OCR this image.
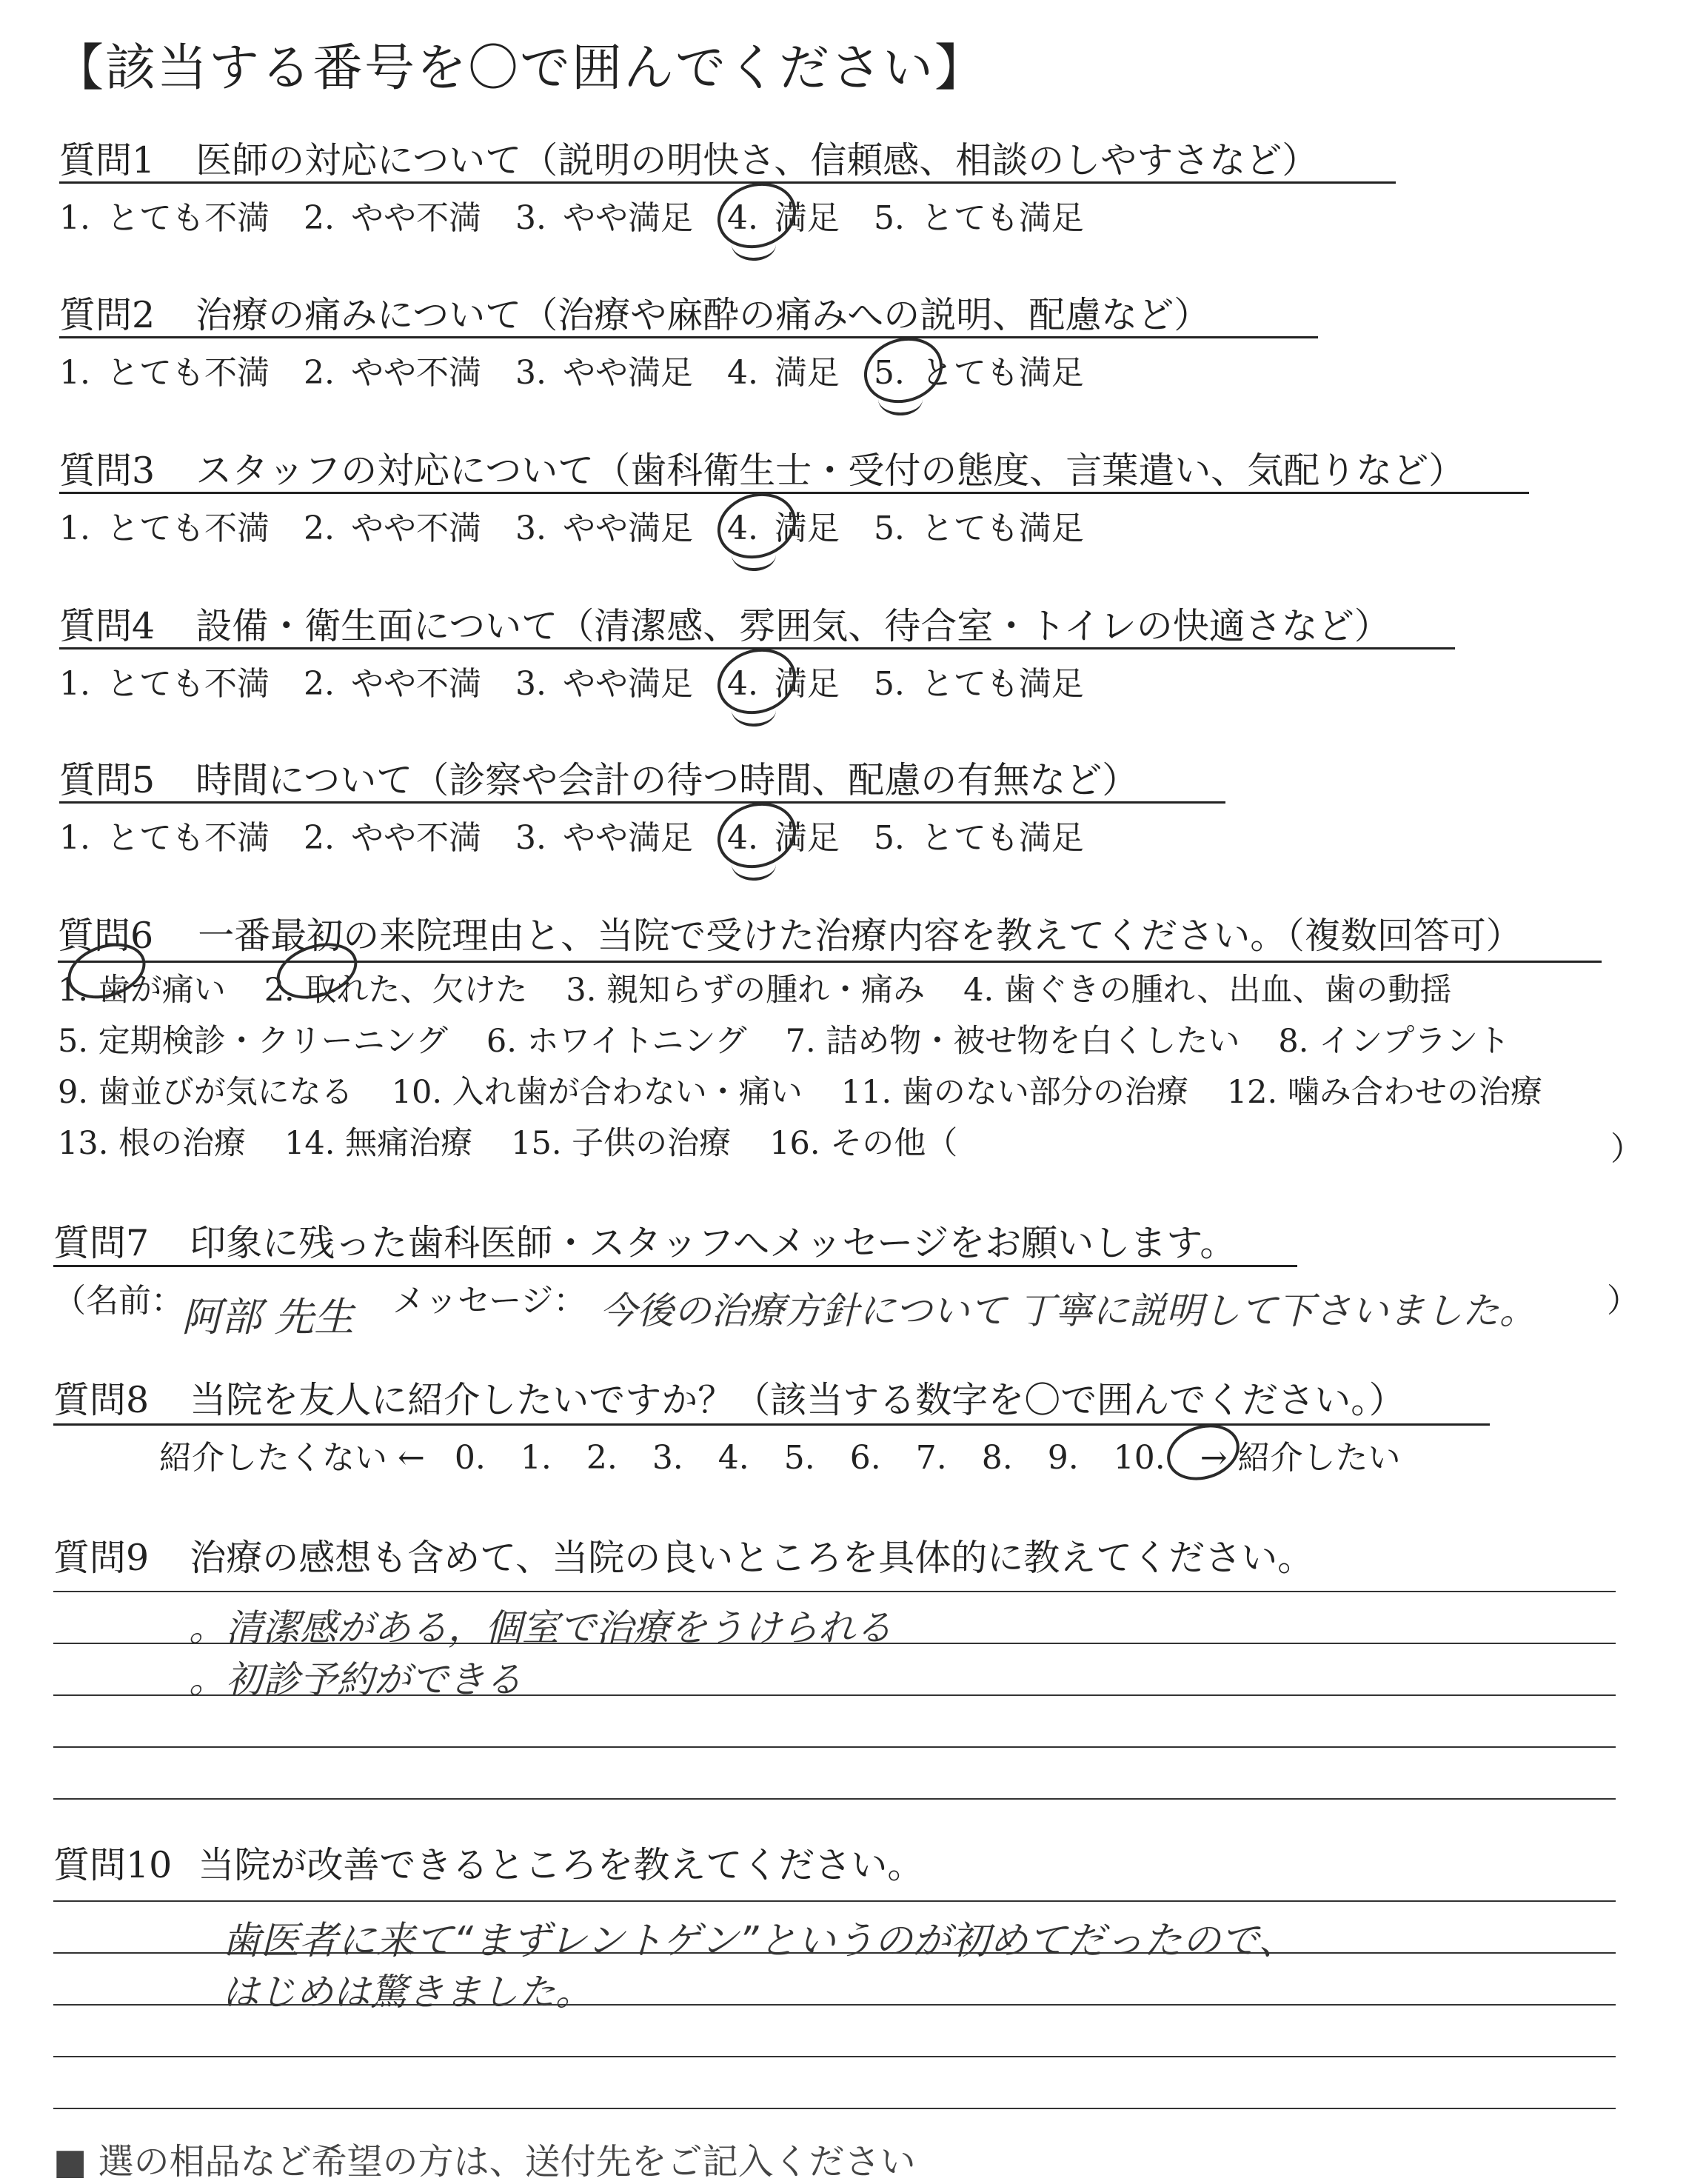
【該当する番号を〇で囲んでください】
質問1 医師の対応について（説明の明快さ、信頼感、相談のしやすさなど）
1. とても不満 2. やや不満 3. やや満足 4. 満足 5. とても満足
質問2 治療の痛みについて（治療や麻酔の痛みへの説明、配慮など）
1. とても不満 2. やや不満 3. やや満足 4. 満足 5. とても満足
質問3 スタッフの対応について（歯科衛生士・受付の態度、言葉遣い、気配りなど）
1. とても不満 2. やや不満 3. やや満足 4. 満足 5. とても満足
質問4 設備・衛生面について（清潔感、雰囲気、待合室・トイレの快適さなど）
1. とても不満 2. やや不満 3. やや満足 4. 満足 5. とても満足
質問5 時間について（診察や会計の待つ時間、配慮の有無など）
1. とても不満 2. やや不満 3. やや満足 4. 満足 5. とても満足
質問6 一番最初の来院理由と、当院で受けた治療内容を教えてください。（複数回答可）
1. 歯が痛い 2. 取れた、欠けた 3. 親知らずの腫れ・痛み 4. 歯ぐきの腫れ、出血、歯の動揺
5. 定期検診・クリーニング 6. ホワイトニング 7. 詰め物・被せ物を白くしたい 8. インプラント
9. 歯並びが気になる 10. 入れ歯が合わない・痛い 11. 歯のない部分の治療 12. 噛み合わせの治療
13. 根の治療 14. 無痛治療 15. 子供の治療 16. その他（	）
質問7 印象に残った歯科医師・スタッフへメッセージをお願いします。
（名前：
阿部 先生 メッセージ： 今後の治療方針について 丁寧に説明して下さいました。 ）
質問8 当院を友人に紹介したいですか？（該当する数字を〇で囲んでください。）
紹介したくない ← 0. 1. 2. 3. 4. 5. 6. 7. 8. 9. 10. → 紹介したい
質問9 治療の感想も含めて、当院の良いところを具体的に教えてください。
。清潔感がある，個室で治療をうけられる
。初診予約ができる
質問10 当院が改善できるところを教えてください。
歯医者に来て“まずレントゲン”というのが初めてだったので、
はじめは驚きました。
■ 選の相品など希望の方は、送付先をご記入ください
